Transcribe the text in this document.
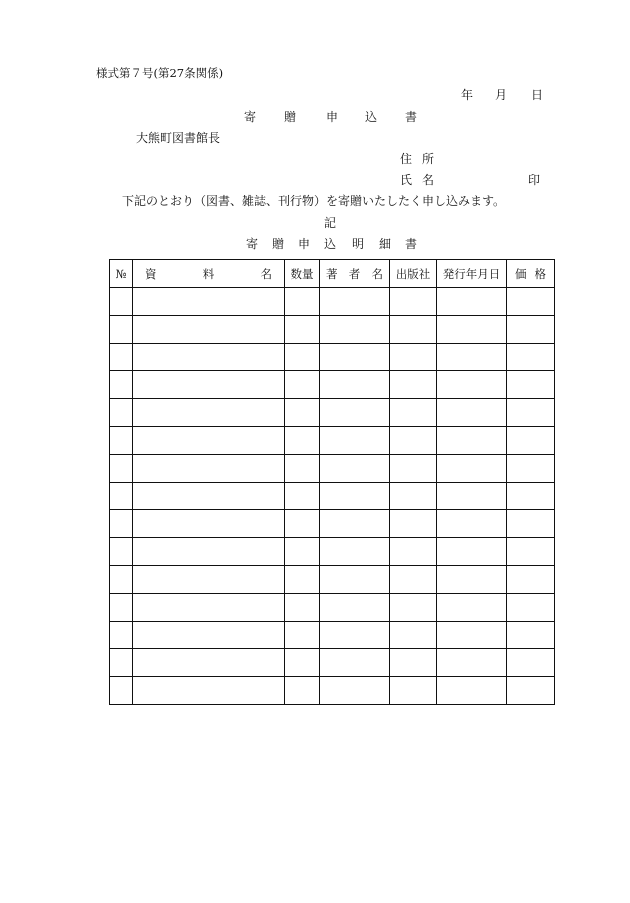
様式第７号(第27条関係)
年 月 日
寄 贈 申 込 書
大熊町図書館長
住所
氏名	印
下記のとおり（図書、雑誌、刊行物）を寄贈いたしたく申し込みます。
記
寄 贈 申 込 明 細 書
№	資 料 名	数量	著 者 名	出版社	発行年月日	価 格
